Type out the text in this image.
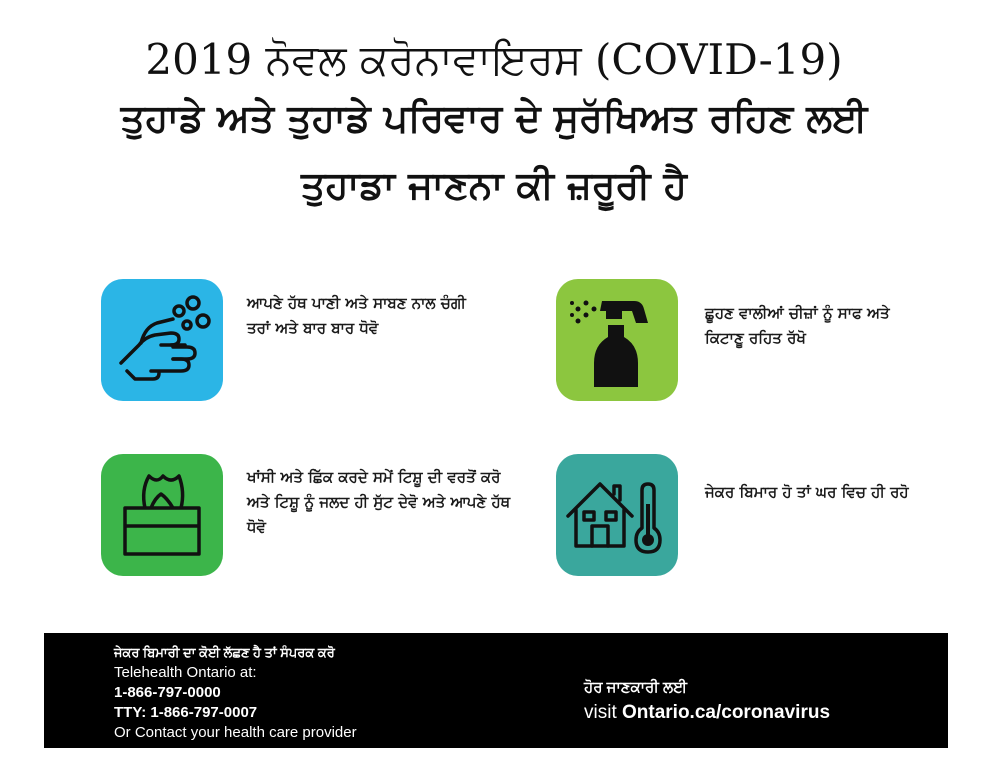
2019 ਨੋਵਲ ਕਰੋਨਾਵਾਇਰਸ (COVID-19)
ਤੁਹਾਡੇ ਅਤੇ ਤੁਹਾਡੇ ਪਰਿਵਾਰ ਦੇ ਸੁਰੱਖਿਅਤ ਰਹਿਣ ਲਈ
ਤੁਹਾਡਾ ਜਾਣਨਾ ਕੀ ਜ਼ਰੂਰੀ ਹੈ
ਆਪਣੇ ਹੱਥ ਪਾਣੀ ਅਤੇ ਸਾਬਣ ਨਾਲ ਚੰਗੀ ਤਰਾਂ ਅਤੇ ਬਾਰ ਬਾਰ ਧੋਵੋ
ਛੂਹਣ ਵਾਲੀਆਂ ਚੀਜ਼ਾਂ ਨੂੰ ਸਾਫ ਅਤੇ ਕਿਟਾਣੂ ਰਹਿਤ ਰੱਖੋ
ਖਾਂਸੀ ਅਤੇ ਛਿੱਕ ਕਰਦੇ ਸਮੇਂ ਟਿਸ਼ੂ ਦੀ ਵਰਤੋਂ ਕਰੋ ਅਤੇ ਟਿਸ਼ੂ ਨੂੰ ਜਲਦ ਹੀ ਸੁੱਟ ਦੇਵੋ ਅਤੇ ਆਪਣੇ ਹੱਥ ਧੋਵੋ
ਜੇਕਰ ਬਿਮਾਰ ਹੋ ਤਾਂ ਘਰ ਵਿਚ ਹੀ ਰਹੋ
ਜੇਕਰ ਬਿਮਾਰੀ ਦਾ ਕੋਈ ਲੱਛਣ ਹੈ ਤਾਂ ਸੰਪਰਕ ਕਰੋ
Telehealth Ontario at:
1-866-797-0000
TTY: 1-866-797-0007
Or Contact your health care provider
ਹੋਰ ਜਾਣਕਾਰੀ ਲਈ
visit Ontario.ca/coronavirus
